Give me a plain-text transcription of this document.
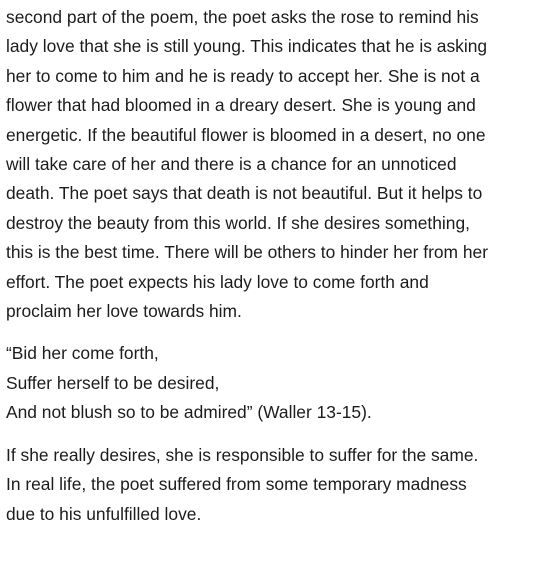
second part of the poem, the poet asks the rose to remind his
lady love that she is still young. This indicates that he is asking
her to come to him and he is ready to accept her. She is not a
flower that had bloomed in a dreary desert. She is young and
energetic. If the beautiful flower is bloomed in a desert, no one
will take care of her and there is a chance for an unnoticed
death. The poet says that death is not beautiful. But it helps to
destroy the beauty from this world. If she desires something,
this is the best time. There will be others to hinder her from her
effort. The poet expects his lady love to come forth and
proclaim her love towards him.
“Bid her come forth,
Suffer herself to be desired,
And not blush so to be admired” (Waller 13-15).
If she really desires, she is responsible to suffer for the same.
In real life, the poet suffered from some temporary madness
due to his unfulfilled love.
